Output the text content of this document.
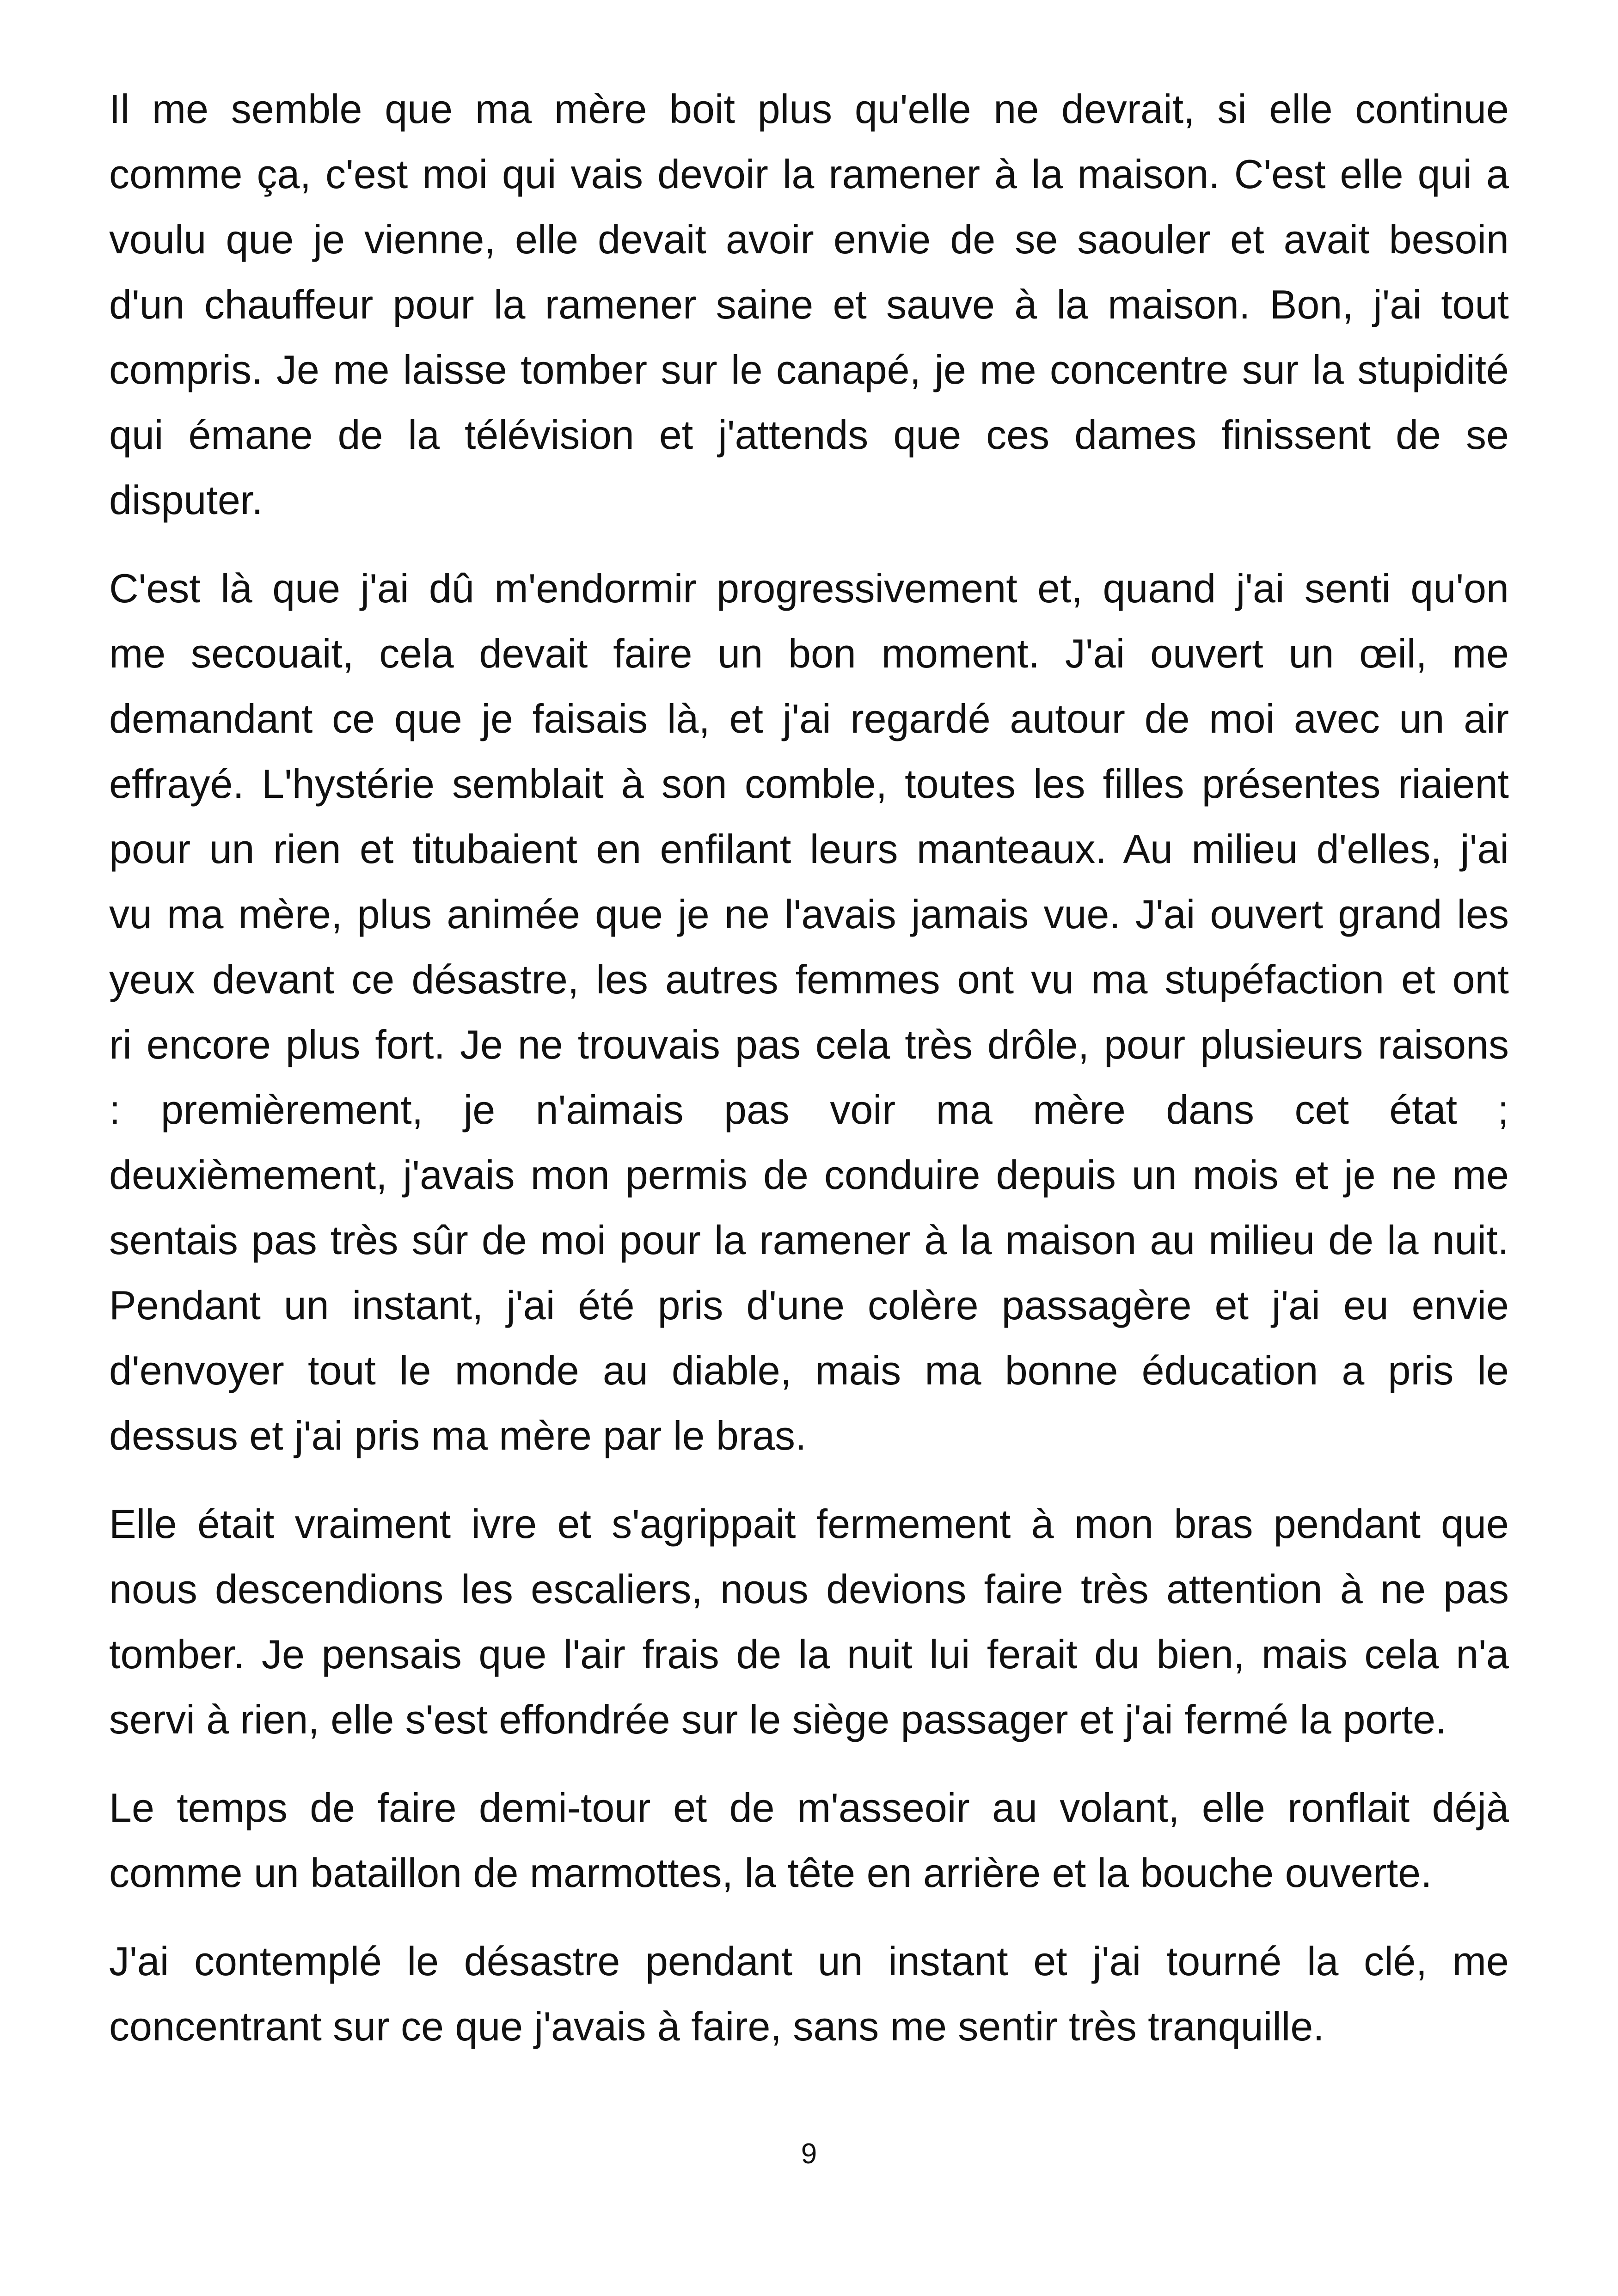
Il me semble que ma mère boit plus qu'elle ne devrait, si elle continue
comme ça, c'est moi qui vais devoir la ramener à la maison. C'est elle qui a
voulu que je vienne, elle devait avoir envie de se saouler et avait besoin
d'un chauffeur pour la ramener saine et sauve à la maison. Bon, j'ai tout
compris. Je me laisse tomber sur le canapé, je me concentre sur la stupidité
qui émane de la télévision et j'attends que ces dames finissent de se
disputer.
C'est là que j'ai dû m'endormir progressivement et, quand j'ai senti qu'on
me secouait, cela devait faire un bon moment. J'ai ouvert un œil, me
demandant ce que je faisais là, et j'ai regardé autour de moi avec un air
effrayé. L'hystérie semblait à son comble, toutes les filles présentes riaient
pour un rien et titubaient en enfilant leurs manteaux. Au milieu d'elles, j'ai
vu ma mère, plus animée que je ne l'avais jamais vue. J'ai ouvert grand les
yeux devant ce désastre, les autres femmes ont vu ma stupéfaction et ont
ri encore plus fort. Je ne trouvais pas cela très drôle, pour plusieurs raisons
: premièrement, je n'aimais pas voir ma mère dans cet état ;
deuxièmement, j'avais mon permis de conduire depuis un mois et je ne me
sentais pas très sûr de moi pour la ramener à la maison au milieu de la nuit.
Pendant un instant, j'ai été pris d'une colère passagère et j'ai eu envie
d'envoyer tout le monde au diable, mais ma bonne éducation a pris le
dessus et j'ai pris ma mère par le bras.
Elle était vraiment ivre et s'agrippait fermement à mon bras pendant que
nous descendions les escaliers, nous devions faire très attention à ne pas
tomber. Je pensais que l'air frais de la nuit lui ferait du bien, mais cela n'a
servi à rien, elle s'est effondrée sur le siège passager et j'ai fermé la porte.
Le temps de faire demi-tour et de m'asseoir au volant, elle ronflait déjà
comme un bataillon de marmottes, la tête en arrière et la bouche ouverte.
J'ai contemplé le désastre pendant un instant et j'ai tourné la clé, me
concentrant sur ce que j'avais à faire, sans me sentir très tranquille.
9
